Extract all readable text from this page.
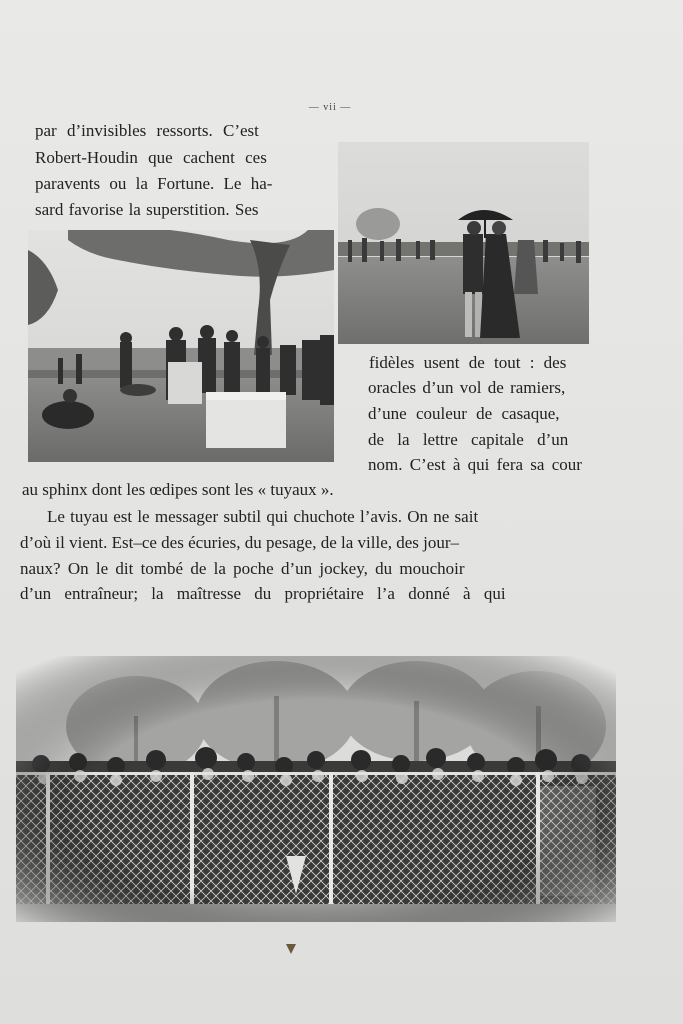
— vii —
par d’invisibles ressorts. C’est
Robert-Houdin que cachent ces
paravents ou la Fortune. Le ha-
sard favorise la superstition. Ses
fidèles usent de tout : des
oracles d’un vol de ramiers,
d’une couleur de casaque,
de la lettre capitale d’un
nom. C’est à qui fera sa cour
au sphinx dont les œdipes sont les « tuyaux ».
Le tuyau est le messager subtil qui chuchote l’avis. On ne sait
d’où il vient. Est–ce des écuries, du pesage, de la ville, des jour–
naux? On le dit tombé de la poche d’un jockey, du mouchoir
d’un entraîneur; la maîtresse du propriétaire l’a donné à qui
